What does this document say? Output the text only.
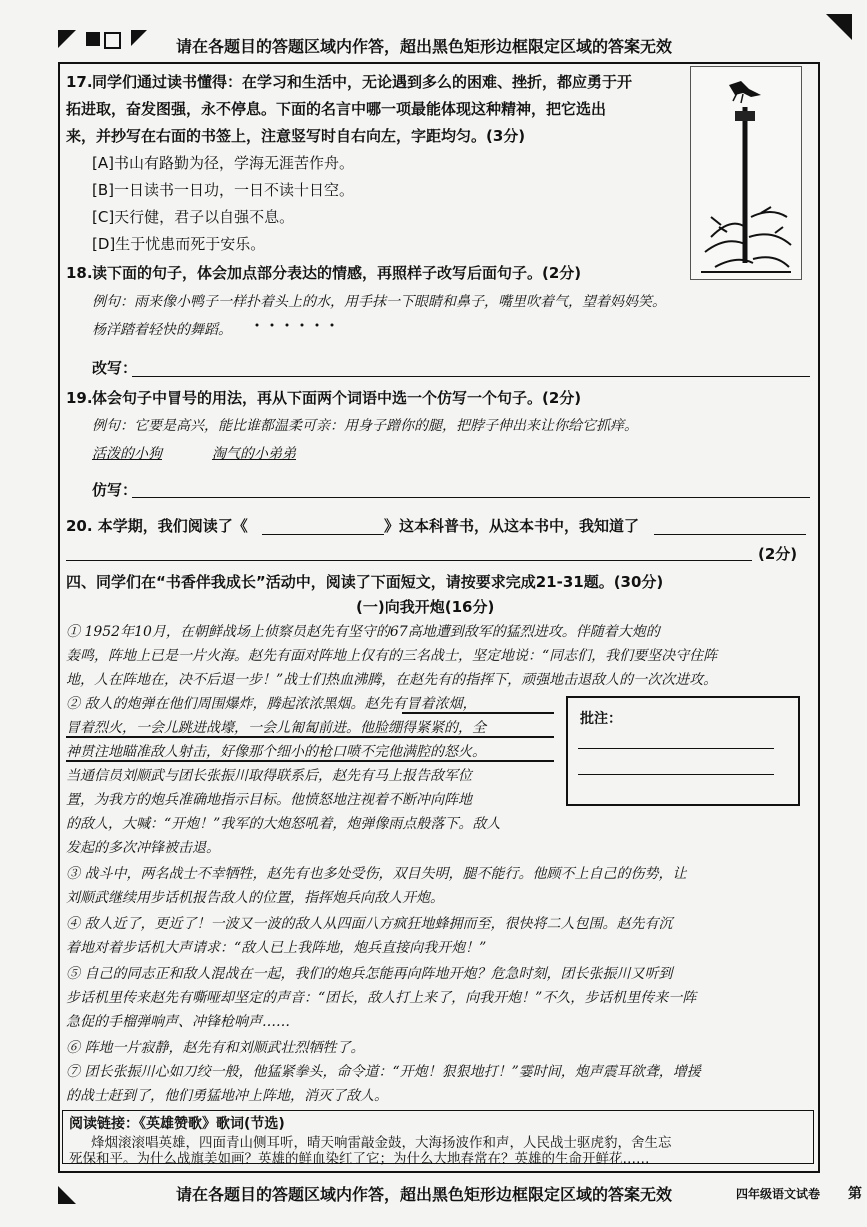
请在各题目的答题区域内作答，超出黑色矩形边框限定区域的答案无效
17. 同学们通过读书懂得：在学习和生活中，无论遇到多么的困难、挫折，都应勇于开
拓进取，奋发图强，永不停息。下面的名言中哪一项最能体现这种精神，把它选出
来，并抄写在右面的书签上，注意竖写时自右向左，字距均匀。(3分)
[A]书山有路勤为径，学海无涯苦作舟。
[B]一日读书一日功，一日不读十日空。
[C]天行健，君子以自强不息。
[D]生于忧患而死于安乐。
18. 读下面的句子，体会加点部分表达的情感，再照样子改写后面句子。(2分)
例句：雨来像小鸭子一样扑着头上的水，用手抹一下眼睛和鼻子，嘴里吹着气，望着妈妈笑。
杨洋踏着轻快的舞蹈。
改写：
19. 体会句子中冒号的用法，再从下面两个词语中选一个仿写一个句子。(2分)
例句：它要是高兴，能比谁都温柔可亲：用身子蹭你的腿，把脖子伸出来让你给它抓痒。
活泼的小狗	淘气的小弟弟
仿写：
20. 本学期，我们阅读了《	》这本科普书，从这本书中，我知道了
(2分)
四、同学们在“书香伴我成长”活动中，阅读了下面短文，请按要求完成21-31题。(30分)
(一)向我开炮(16分)
① 1952年10月，在朝鲜战场上侦察员赵先有坚守的67高地遭到敌军的猛烈进攻。伴随着大炮的
轰鸣，阵地上已是一片火海。赵先有面对阵地上仅有的三名战士，坚定地说：“同志们，我们要坚决守住阵
地，人在阵地在，决不后退一步！”战士们热血沸腾，在赵先有的指挥下，顽强地击退敌人的一次次进攻。
② 敌人的炮弹在他们周围爆炸，腾起浓浓黑烟。赵先有冒着浓烟，
冒着烈火，一会儿跳进战壕，一会儿匍匐前进。他脸绷得紧紧的，全
神贯注地瞄准敌人射击，好像那个细小的枪口喷不完他满腔的怒火。
当通信员刘顺武与团长张振川取得联系后，赵先有马上报告敌军位
置，为我方的炮兵准确地指示目标。他愤怒地注视着不断冲向阵地
的敌人，大喊：“开炮！”我军的大炮怒吼着，炮弹像雨点般落下。敌人
发起的多次冲锋被击退。
批注：
③ 战斗中，两名战士不幸牺牲，赵先有也多处受伤，双目失明，腿不能行。他顾不上自己的伤势，让
刘顺武继续用步话机报告敌人的位置，指挥炮兵向敌人开炮。
④ 敌人近了，更近了！一波又一波的敌人从四面八方疯狂地蜂拥而至，很快将二人包围。赵先有沉
着地对着步话机大声请求：“敌人已上我阵地，炮兵直接向我开炮！”
⑤ 自己的同志正和敌人混战在一起，我们的炮兵怎能再向阵地开炮？危急时刻，团长张振川又听到
步话机里传来赵先有嘶哑却坚定的声音：“团长，敌人打上来了，向我开炮！”不久，步话机里传来一阵
急促的手榴弹响声、冲锋枪响声……
⑥ 阵地一片寂静，赵先有和刘顺武壮烈牺牲了。
⑦ 团长张振川心如刀绞一般，他猛紧拳头，命令道：“开炮！狠狠地打！”霎时间，炮声震耳欲聋，增援
的战士赶到了，他们勇猛地冲上阵地，消灭了敌人。
阅读链接：《英雄赞歌》歌词(节选)
烽烟滚滚唱英雄，四面青山侧耳听，晴天响雷敲金鼓，大海扬波作和声，人民战士驱虎豹，舍生忘
死保和平。为什么战旗美如画？英雄的鲜血染红了它；为什么大地春常在？英雄的生命开鲜花……
请在各题目的答题区域内作答，超出黑色矩形边框限定区域的答案无效	四年级语文试卷 第
